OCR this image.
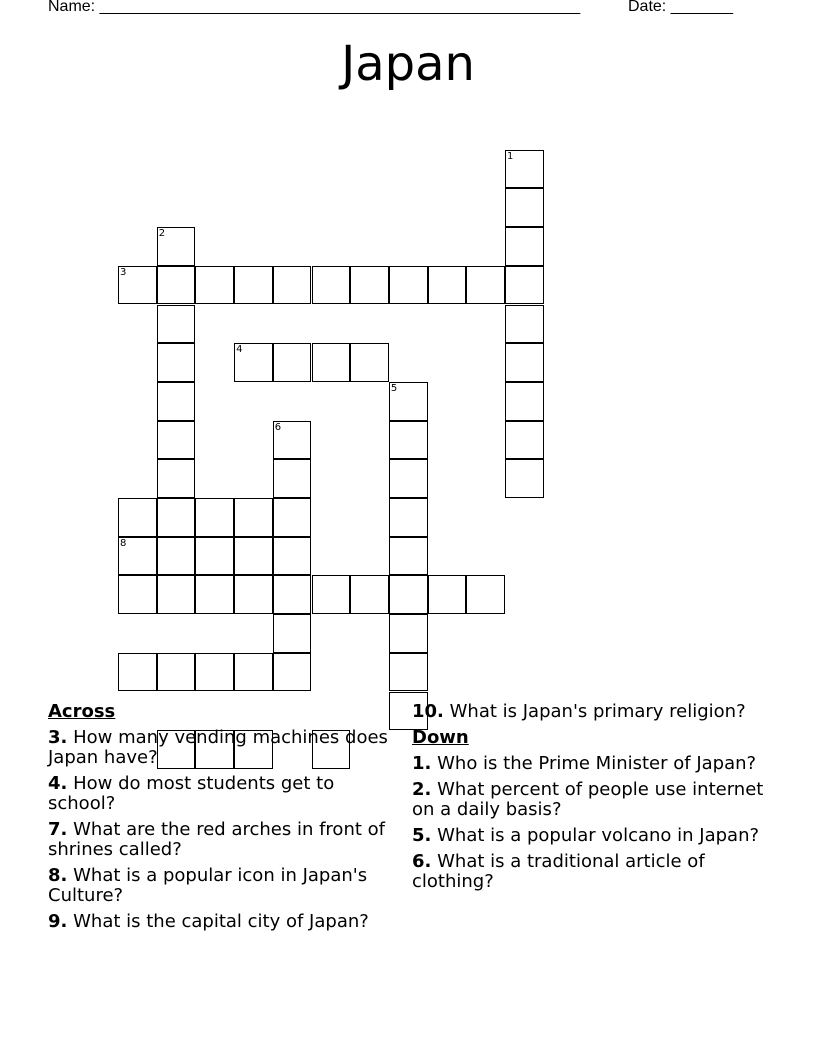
Name: ______________________________________________________	Date: _______
Japan
1
2
3
4
5
6
8
Across
3. How many vending machines does Japan have?
4. How do most students get to school?
7. What are the red arches in front of shrines called?
8. What is a popular icon in Japan's Culture?
9. What is the capital city of Japan?
10. What is Japan's primary religion?
Down
1. Who is the Prime Minister of Japan?
2. What percent of people use internet on a daily basis?
5. What is a popular volcano in Japan?
6. What is a traditional article of clothing?
